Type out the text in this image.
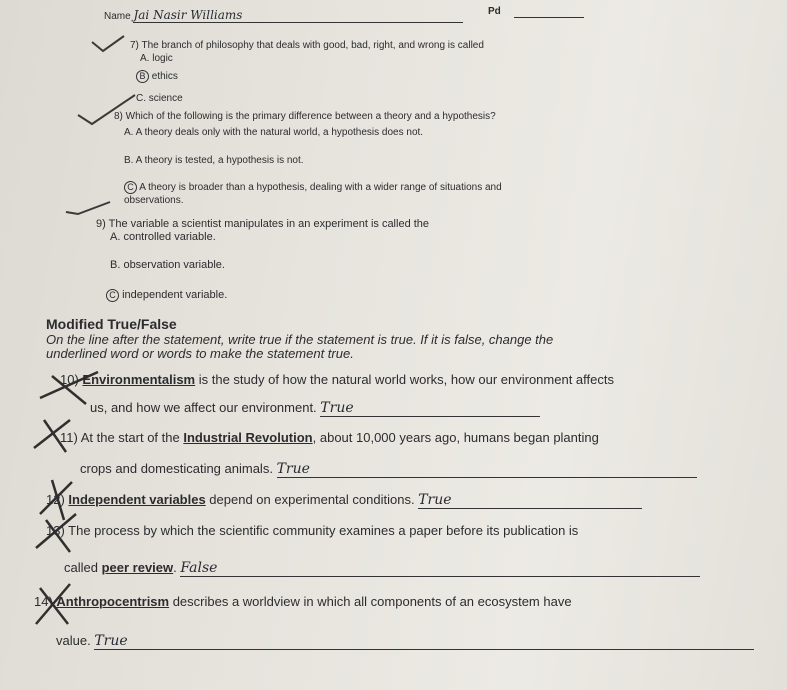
Name Jai Nasir Williams	Pd
7) The branch of philosophy that deals with good, bad, right, and wrong is called
A. logic
B ethics
C. science
8) Which of the following is the primary difference between a theory and a hypothesis?
A. A theory deals only with the natural world, a hypothesis does not.
B. A theory is tested, a hypothesis is not.
C A theory is broader than a hypothesis, dealing with a wider range of situations and
observations.
9) The variable a scientist manipulates in an experiment is called the
A. controlled variable.
B. observation variable.
C independent variable.
Modified True/False
On the line after the statement, write true if the statement is true. If it is false, change the
underlined word or words to make the statement true.
10) Environmentalism is the study of how the natural world works, how our environment affects
us, and how we affect our environment. True
11) At the start of the Industrial Revolution, about 10,000 years ago, humans began planting
crops and domesticating animals. True
12) Independent variables depend on experimental conditions. True
13) The process by which the scientific community examines a paper before its publication is
called peer review. False
14) Anthropocentrism describes a worldview in which all components of an ecosystem have
value. True
